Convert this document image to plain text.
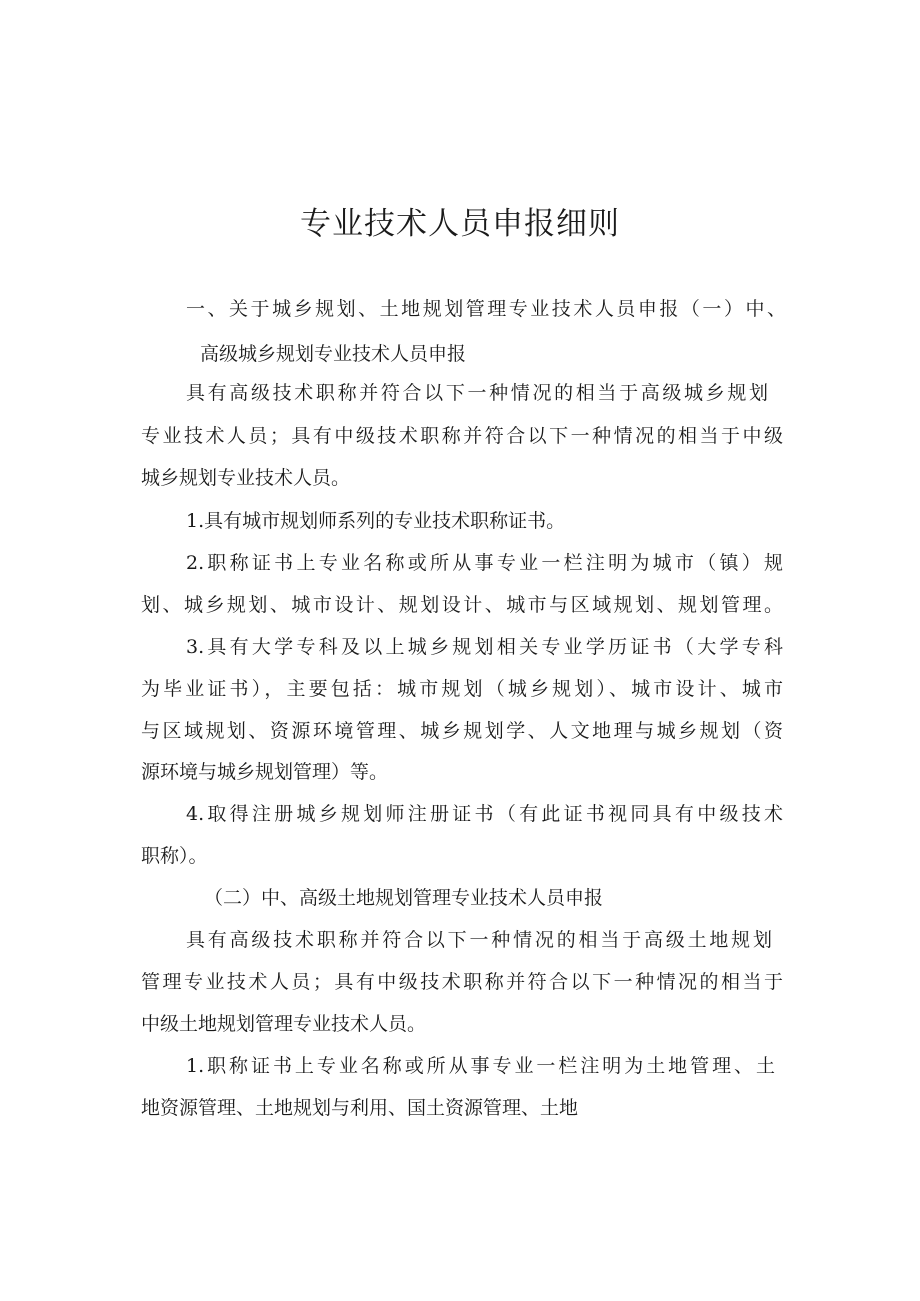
专业技术人员申报细则
一、关于城乡规划、土地规划管理专业技术人员申报（一）中、
高级城乡规划专业技术人员申报
具有高级技术职称并符合以下一种情况的相当于高级城乡规划
专业技术人员；具有中级技术职称并符合以下一种情况的相当于中级
城乡规划专业技术人员。
1.具有城市规划师系列的专业技术职称证书。
2.职称证书上专业名称或所从事专业一栏注明为城市（镇）规
划、城乡规划、城市设计、规划设计、城市与区域规划、规划管理。
3.具有大学专科及以上城乡规划相关专业学历证书（大学专科
为毕业证书），主要包括：城市规划（城乡规划）、城市设计、城市
与区域规划、资源环境管理、城乡规划学、人文地理与城乡规划（资
源环境与城乡规划管理）等。
4.取得注册城乡规划师注册证书（有此证书视同具有中级技术
职称）。
（二）中、高级土地规划管理专业技术人员申报
具有高级技术职称并符合以下一种情况的相当于高级土地规划
管理专业技术人员；具有中级技术职称并符合以下一种情况的相当于
中级土地规划管理专业技术人员。
1.职称证书上专业名称或所从事专业一栏注明为土地管理、土
地资源管理、土地规划与利用、国土资源管理、土地
